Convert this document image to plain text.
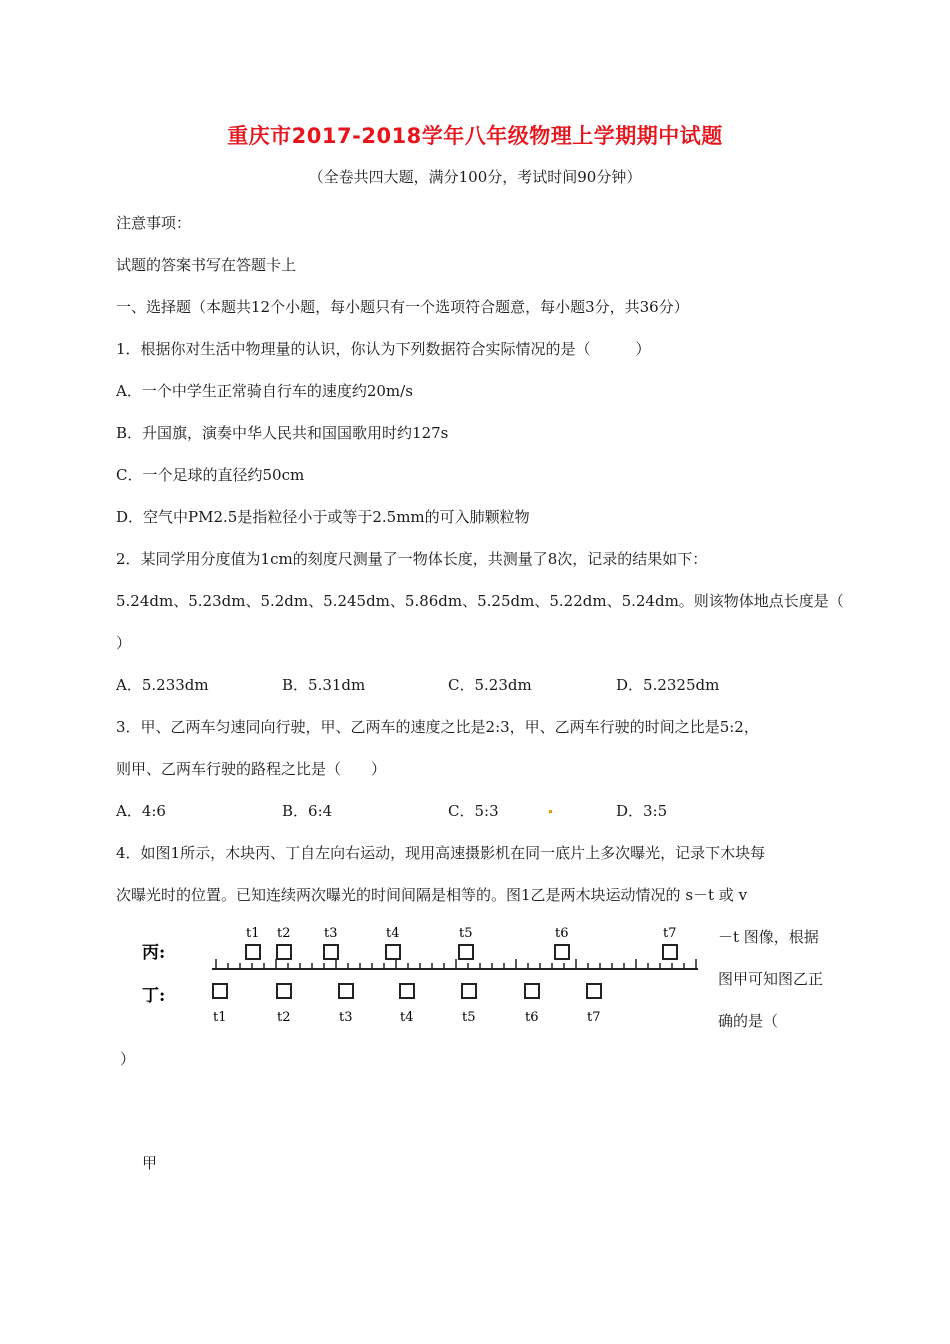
重庆市2017-2018学年八年级物理上学期期中试题
（全卷共四大题，满分100分，考试时间90分钟）
注意事项：
试题的答案书写在答题卡上
一、选择题（本题共12个小题，每小题只有一个选项符合题意，每小题3分，共36分）
1．根据你对生活中物理量的认识，你认为下列数据符合实际情况的是（　　　）
A．一个中学生正常骑自行车的速度约20m/s
B．升国旗，演奏中华人民共和国国歌用时约127s
C．一个足球的直径约50cm
D．空气中PM2.5是指粒径小于或等于2.5mm的可入肺颗粒物
2．某同学用分度值为1cm的刻度尺测量了一物体长度，共测量了8次，记录的结果如下：
5.24dm、5.23dm、5.2dm、5.245dm、5.86dm、5.25dm、5.22dm、5.24dm。则该物体地点长度是（
）
A．5.233dm	B．5.31dm	C．5.23dm	D．5.2325dm
3．甲、乙两车匀速同向行驶，甲、乙两车的速度之比是2:3，甲、乙两车行驶的时间之比是5:2，
则甲、乙两车行驶的路程之比是（　　）
A．4:6	B．6:4	C．5:3	D．3:5
4．如图1所示，木块丙、丁自左向右运动，现用高速摄影机在同一底片上多次曝光，记录下木块每
次曝光时的位置。已知连续两次曝光的时间间隔是相等的。图1乙是两木块运动情况的 s－t 或 v
－t 图像，根据
图甲可知图乙正
确的是（
）
甲
丙:
丁:
t1 t2	t3	t4	t5	t6	t7
t1	t2	t3	t4	t5	t6	t7
